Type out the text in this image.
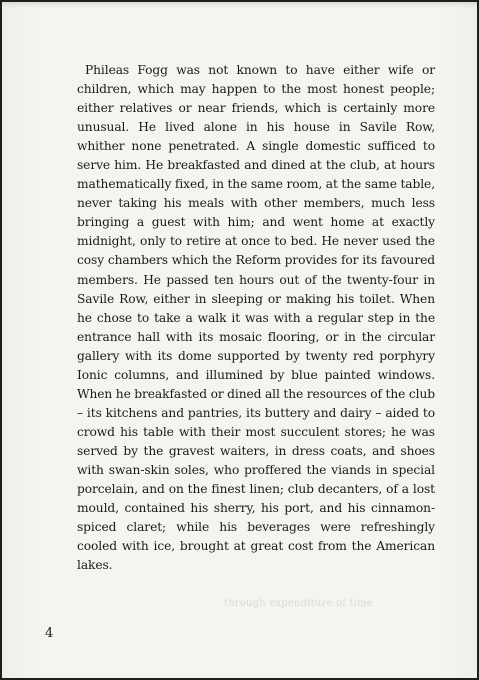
Phileas Fogg was not known to have either wife or children, which may happen to the most honest people; either relatives or near friends, which is certainly more unusual. He lived alone in his house in Savile Row, whither none penetrated. A single domestic sufficed to serve him. He breakfasted and dined at the club, at hours mathematically fixed, in the same room, at the same table, never taking his meals with other members, much less bringing a guest with him; and went home at exactly midnight, only to retire at once to bed. He never used the cosy chambers which the Reform provides for its favoured members. He passed ten hours out of the twenty-four in Savile Row, either in sleeping or making his toilet. When he chose to take a walk it was with a regular step in the entrance hall with its mosaic flooring, or in the circular gallery with its dome supported by twenty red porphyry Ionic columns, and illumined by blue painted windows. When he breakfasted or dined all the resources of the club – its kitchens and pantries, its buttery and dairy – aided to crowd his table with their most succulent stores; he was served by the gravest waiters, in dress coats, and shoes with swan-skin soles, who proffered the viands in special porcelain, and on the finest linen; club decanters, of a lost mould, contained his sherry, his port, and his cinnamon-spiced claret; while his beverages were refreshingly cooled with ice, brought at great cost from the American lakes.

through expenditure of time
4
